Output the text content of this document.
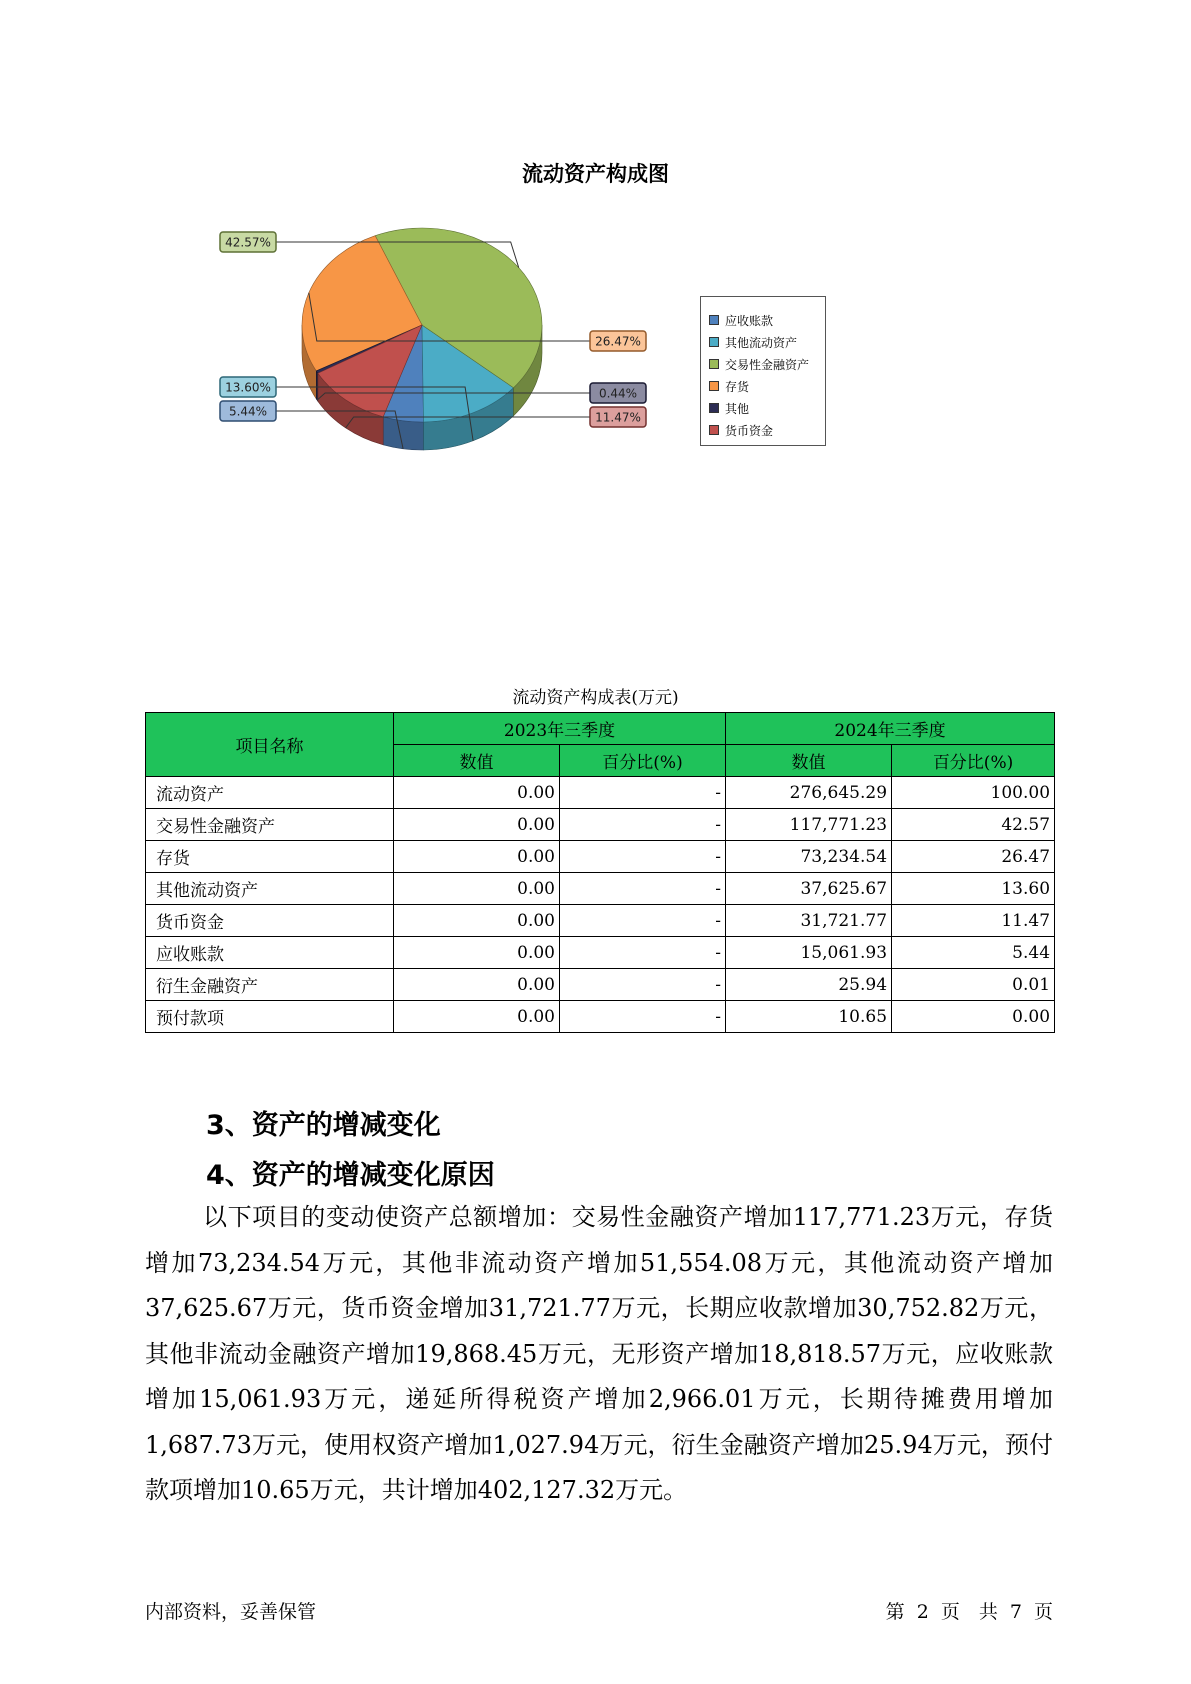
流动资产构成图
5.44%
13.60%
42.57%
26.47%
0.44%
11.47%
应收账款
其他流动资产
交易性金融资产
存货
其他
货币资金
流动资产构成表(万元)
项目名称	2023年三季度		2024年三季度	
	数值	百分比(%)	数值	百分比(%)
流动资产	0.00	-	276,645.29	100.00
交易性金融资产	0.00	-	117,771.23	42.57
存货	0.00	-	73,234.54	26.47
其他流动资产	0.00	-	37,625.67	13.60
货币资金	0.00	-	31,721.77	11.47
应收账款	0.00	-	15,061.93	5.44
衍生金融资产	0.00	-	25.94	0.01
预付款项	0.00	-	10.65	0.00
3、资产的增减变化
4、资产的增减变化原因

以下项目的变动使资产总额增加：交易性金融资产增加117,771.23万元，存货增加73,234.54万元，其他非流动资产增加51,554.08万元，其他流动资产增加37,625.67万元，货币资金增加31,721.77万元，长期应收款增加30,752.82万元，其他非流动金融资产增加19,868.45万元，无形资产增加18,818.57万元，应收账款增加15,061.93万元，递延所得税资产增加2,966.01万元，长期待摊费用增加1,687.73万元，使用权资产增加1,027.94万元，衍生金融资产增加25.94万元，预付款项增加10.65万元，共计增加402,127.32万元。

内部资料，妥善保管	第 2 页　共 7 页
